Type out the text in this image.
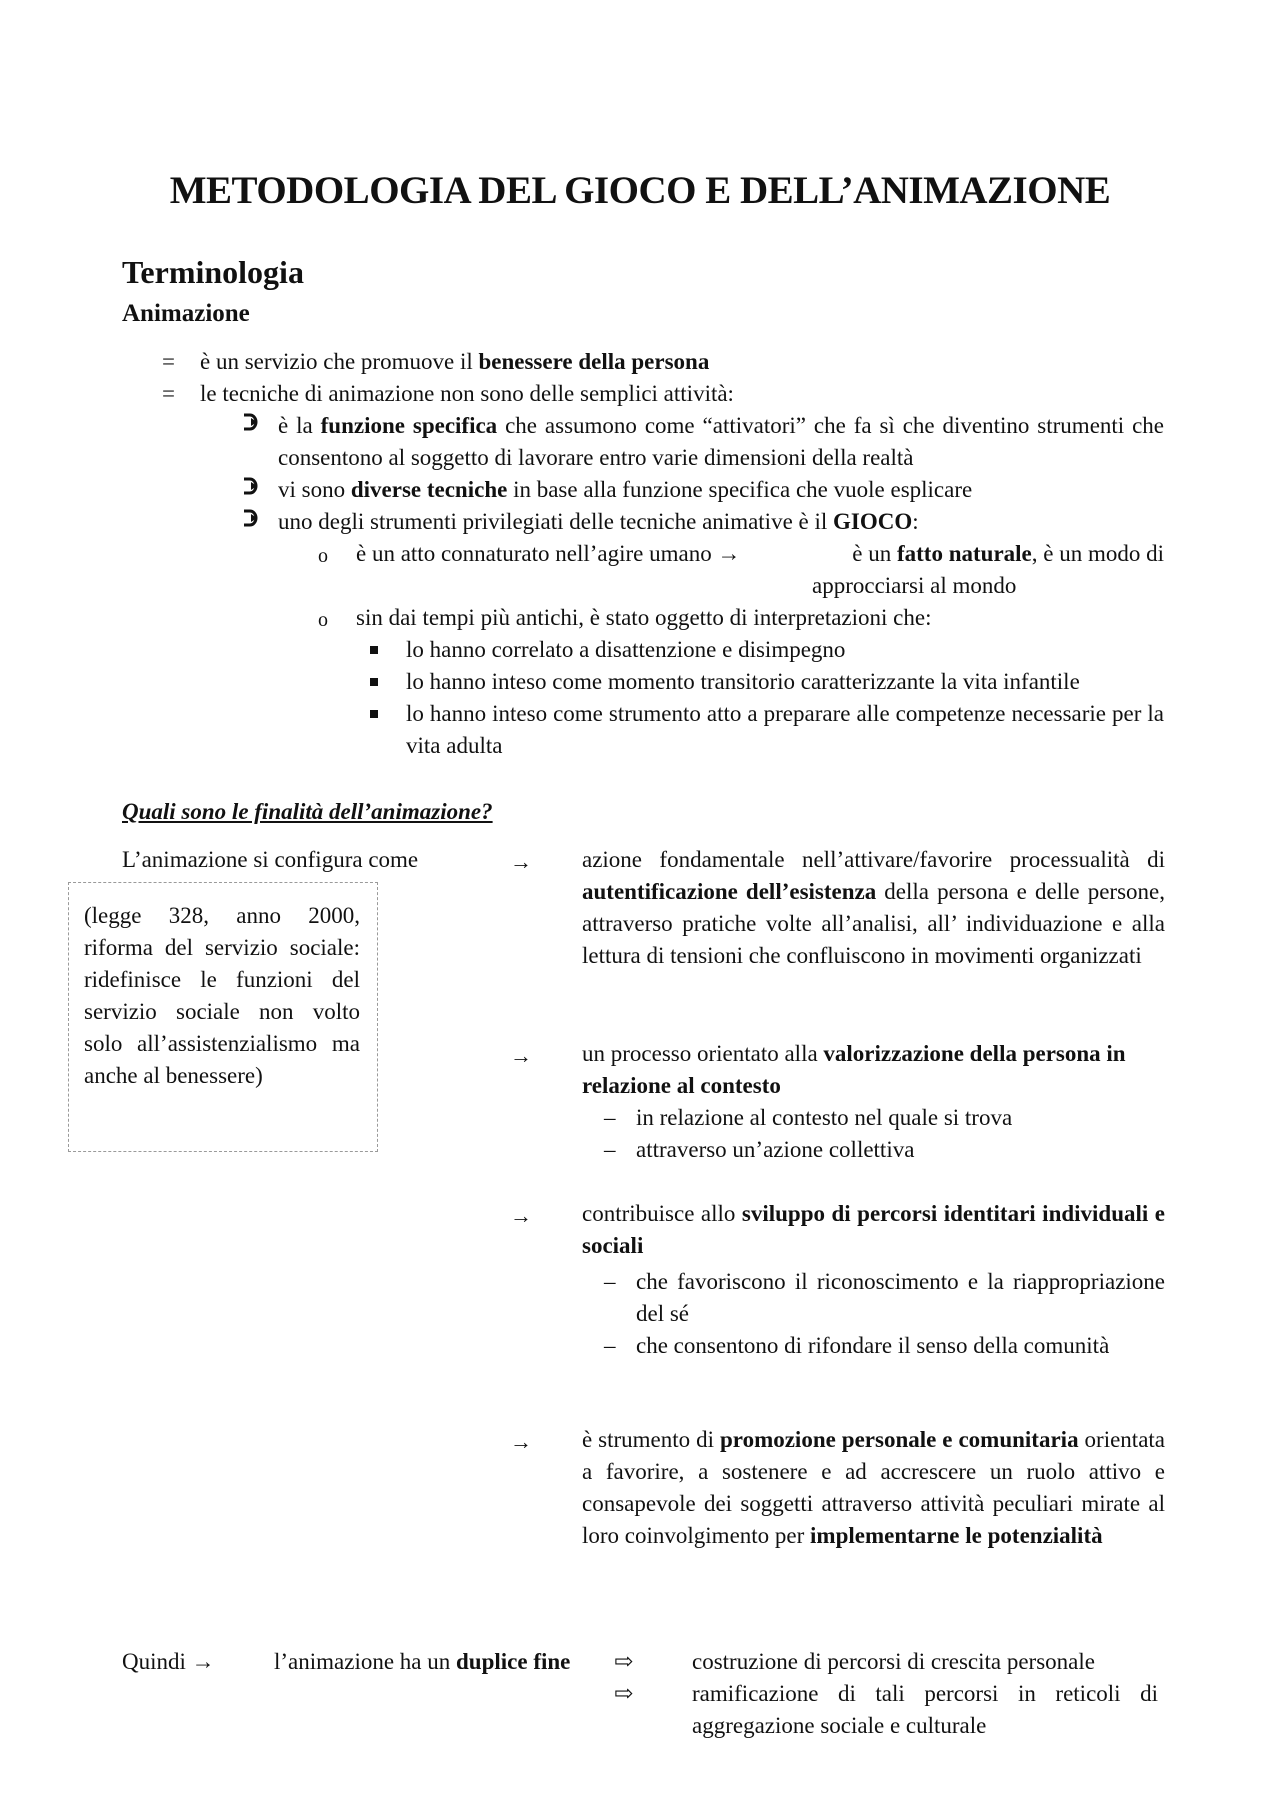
METODOLOGIA DEL GIOCO E DELL’ANIMAZIONE
Terminologia
Animazione
= è un servizio che promuove il benessere della persona
= le tecniche di animazione non sono delle semplici attività:
è la funzione specifica che assumono come “attivatori” che fa sì che diventino strumenti che consentono al soggetto di lavorare entro varie dimensioni della realtà
vi sono diverse tecniche in base alla funzione specifica che vuole esplicare
uno degli strumenti privilegiati delle tecniche animative è il GIOCO:
o è un atto connaturato nell’agire umano →	è un fatto naturale, è un modo di
approcciarsi al mondo
o sin dai tempi più antichi, è stato oggetto di interpretazioni che:
lo hanno correlato a disattenzione e disimpegno
lo hanno inteso come momento transitorio caratterizzante la vita infantile
lo hanno inteso come strumento atto a preparare alle competenze necessarie per la vita adulta
Quali sono le finalità dell’animazione?
L’animazione si configura come
(legge 328, anno 2000, riforma del servizio sociale: ridefinisce le funzioni del servizio sociale non volto solo all’assistenzialismo ma anche al benessere)
→ azione fondamentale nell’attivare/favorire processualità di autentificazione dell’esistenza della persona e delle persone, attraverso pratiche volte all’analisi, all’ individuazione e alla lettura di tensioni che confluiscono in movimenti organizzati
→ un processo orientato alla valorizzazione della persona in relazione al contesto
– in relazione al contesto nel quale si trova
– attraverso un’azione collettiva
→ contribuisce allo sviluppo di percorsi identitari individuali e sociali
– che favoriscono il riconoscimento e la riappropriazione del sé
– che consentono di rifondare il senso della comunità
→ è strumento di promozione personale e comunitaria orientata a favorire, a sostenere e ad accrescere un ruolo attivo e consapevole dei soggetti attraverso attività peculiari mirate al loro coinvolgimento per implementarne le potenzialità
Quindi →	l’animazione ha un duplice fine ⇨
⇨
costruzione di percorsi di crescita personale
ramificazione di tali percorsi in reticoli di aggregazione sociale e culturale
